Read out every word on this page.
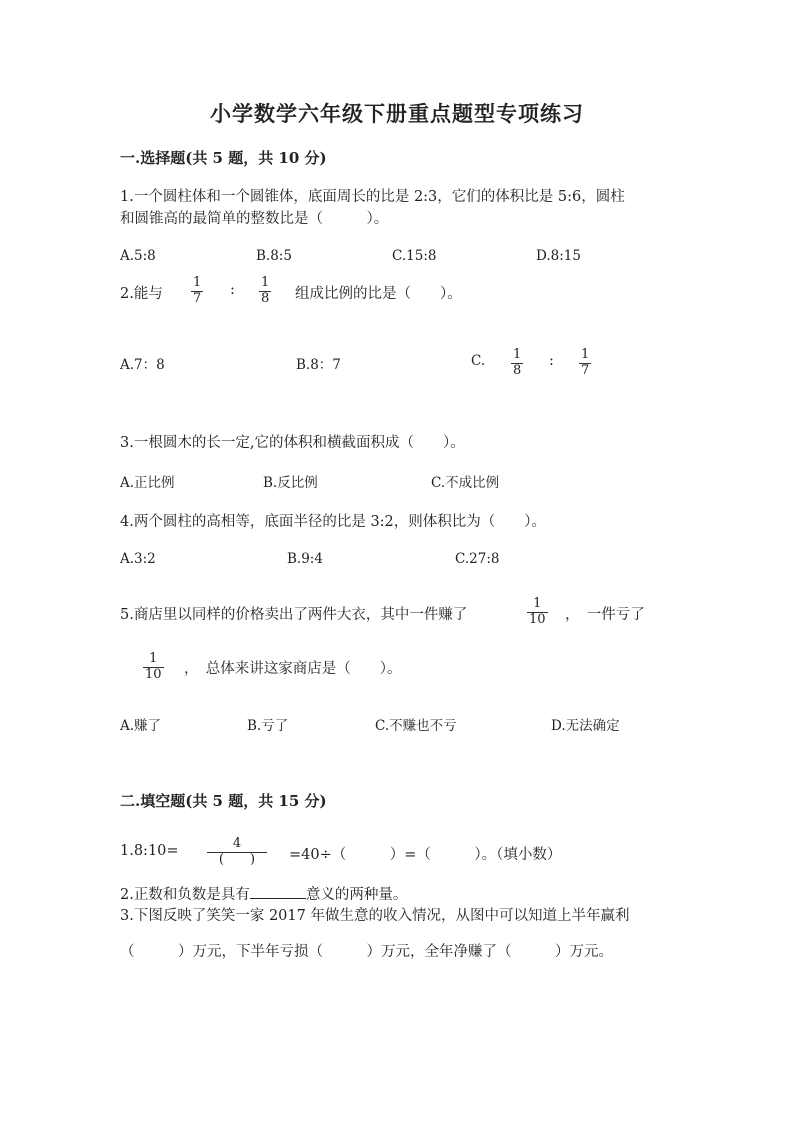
小学数学六年级下册重点题型专项练习
一.选择题(共 5 题，共 10 分)
1.一个圆柱体和一个圆锥体，底面周长的比是 2:3，它们的体积比是 5:6，圆柱
和圆锥高的最简单的整数比是（　　　）。
A.5:8	B.8:5	C.15:8	D.8:15
2.能与 $\frac{1}{7}$ : $\frac{1}{8}$ 组成比例的比是（　　）。
A.7：8	B.8：7	C. $\frac{1}{8}$ : $\frac{1}{7}$
3.一根圆木的长一定,它的体积和横截面积成（　　）。
A.正比例	B.反比例	C.不成比例
4.两个圆柱的高相等，底面半径的比是 3:2，则体积比为（　　）。
A.3:2	B.9:4	C.27:8
5.商店里以同样的价格卖出了两件大衣，其中一件赚了	$\frac{1}{10}$ ，　一件亏了
$\frac{1}{10}$ ，　总体来讲这家商店是（　　）。
A.赚了	B.亏了	C.不赚也不亏	D.无法确定
二.填空题(共 5 题，共 15 分)
1.8:10=	4
(　　)	=40÷（　　　）=（　　　）。（填小数）
2.正数和负数是具有	意义的两种量。
3.下图反映了笑笑一家 2017 年做生意的收入情况，从图中可以知道上半年赢利
（　　　）万元，下半年亏损（　　　）万元，全年净赚了（　　　）万元。
